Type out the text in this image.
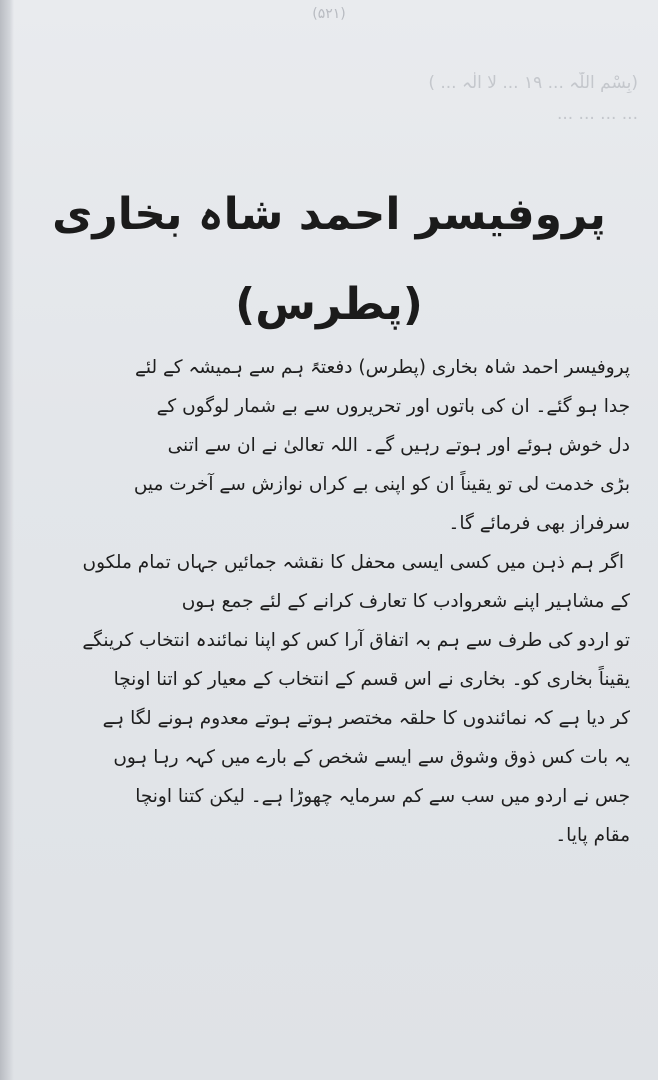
(۵۲۱)
(بِسْمِ اللّٰہ ... ۱۹ ... لا الٰہ ... )
... ... ... ...
پروفیسر احمد شاہ بخاری (پطرس)
پروفیسر احمد شاہ بخاری (پطرس) دفعتہً ہم سے ہمیشہ کے لئے
جدا ہو گئے۔ ان کی باتوں اور تحریروں سے بے شمار لوگوں کے
دل خوش ہوئے اور ہوتے رہیں گے۔ اللہ تعالیٰ نے ان سے اتنی
بڑی خدمت لی تو یقیناً ان کو اپنی بے کراں نوازش سے آخرت میں
سرفراز بھی فرمائے گا۔
اگر ہم ذہن میں کسی ایسی محفل کا نقشہ جمائیں جہاں تمام ملکوں
کے مشاہیر اپنے شعروادب کا تعارف کرانے کے لئے جمع ہوں
تو اردو کی طرف سے ہم بہ اتفاق آرا کس کو اپنا نمائندہ انتخاب کرینگے
یقیناً بخاری کو۔ بخاری نے اس قسم کے انتخاب کے معیار کو اتنا اونچا
کر دیا ہے کہ نمائندوں کا حلقہ مختصر ہوتے ہوتے معدوم ہونے لگا ہے
یہ بات کس ذوق وشوق سے ایسے شخص کے بارے میں کہہ رہا ہوں
جس نے اردو میں سب سے کم سرمایہ چھوڑا ہے۔ لیکن کتنا اونچا
مقام پایا۔
